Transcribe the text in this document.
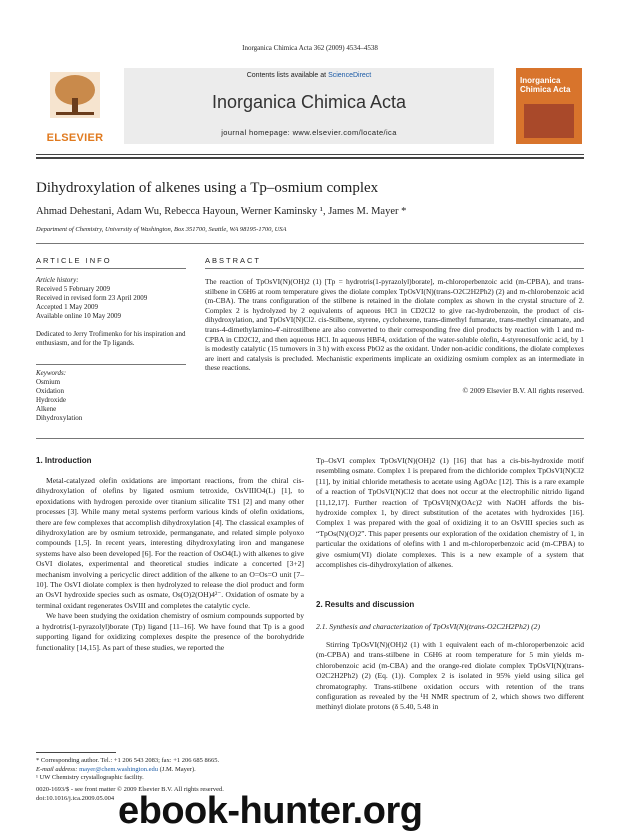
Inorganica Chimica Acta 362 (2009) 4534–4538
ELSEVIER
Contents lists available at ScienceDirect
Inorganica Chimica Acta
journal homepage: www.elsevier.com/locate/ica
Inorganica Chimica Acta
Dihydroxylation of alkenes using a Tp–osmium complex
Ahmad Dehestani, Adam Wu, Rebecca Hayoun, Werner Kaminsky ¹, James M. Mayer *
Department of Chemistry, University of Washington, Box 351700, Seattle, WA 98195-1700, USA
ARTICLE INFO	ABSTRACT
Article history:
Received 5 February 2009
Received in revised form 23 April 2009
Accepted 1 May 2009
Available online 10 May 2009
Dedicated to Jerry Trofimenko for his inspiration and enthusiasm, and for the Tp ligands.
Keywords:
Osmium
Oxidation
Hydroxide
Alkene
Dihydroxylation
The reaction of TpOsVI(N)(OH)2 (1) [Tp = hydrotris(1-pyrazolyl)borate], m-chloroperbenzoic acid (m-CPBA), and trans-stilbene in C6H6 at room temperature gives the diolate complex TpOsVI(N)(trans-O2C2H2Ph2) (2) and m-chlorobenzoic acid (m-CBA). The trans configuration of the stilbene is retained in the diolate complex as shown in the crystal structure of 2. Complex 2 is hydrolyzed by 2 equivalents of aqueous HCl in CD2Cl2 to give rac-hydrobenzoin, the product of cis-dihydroxylation, and TpOsVI(N)Cl2. cis-Stilbene, styrene, cyclohexene, trans-dimethyl fumarate, trans-methyl cinnamate, and trans-4-dimethylamino-4′-nitrostilbene are also converted to their corresponding free diol products by reaction with 1 and m-CPBA in CD2Cl2, and then aqueous HCl. In aqueous HBF4, oxidation of the water-soluble olefin, 4-styrenesulfonic acid, by 1 is modestly catalytic (15 turnovers in 3 h) with excess PbO2 as the oxidant. Under non-acidic conditions, the diolate complexes are inert and catalysis is precluded. Mechanistic experiments implicate an oxidizing osmium complex as an intermediate in these reactions.
© 2009 Elsevier B.V. All rights reserved.
1. Introduction

Metal-catalyzed olefin oxidations are important reactions, from the chiral cis-dihydroxylation of olefins by ligated osmium tetroxide, OsVIIIO4(L) [1], to epoxidations with hydrogen peroxide over titanium silicalite TS1 [2] and many other processes [3]. While many metal systems perform various kinds of olefin oxidations, there are few complexes that accomplish dihydroxylation [4]. The classical examples of dihydroxylation are by osmium tetroxide, permanganate, and related simple polyoxo compounds [1,5]. In recent years, interesting dihydroxylating iron and manganese systems have also been developed [6]. For the reaction of OsO4(L) with alkenes to give OsVI diolates, experimental and theoretical studies indicate a concerted [3+2] mechanism involving a pericyclic direct addition of the alkene to an O=Os=O unit [7–10]. The OsVI diolate complex is then hydrolyzed to release the diol product and form an OsVI hydroxide species such as osmate, Os(O)2(OH)4²⁻. Oxidation of osmate by a terminal oxidant regenerates OsVIII and completes the catalytic cycle.

We have been studying the oxidation chemistry of osmium compounds supported by a hydrotris(1-pyrazolyl)borate (Tp) ligand [11–16]. We have found that Tp is a good supporting ligand for oxidizing complexes despite the presence of the borohydride functionality [14,15]. As part of these studies, we reported the

Tp–OsVI complex TpOsVI(N)(OH)2 (1) [16] that has a cis-bis-hydroxide motif resembling osmate. Complex 1 is prepared from the dichloride complex TpOsVI(N)Cl2 [11], by initial chloride metathesis to acetate using AgOAc [12]. This is a rare example of a reaction of TpOsVI(N)Cl2 that does not occur at the electrophilic nitrido ligand [11,12,17]. Further reaction of TpOsVI(N)(OAc)2 with NaOH affords the bis-hydroxide complex 1, by direct substitution of the acetates with hydroxides [16]. Complex 1 was prepared with the goal of oxidizing it to an OsVIII species such as “TpOs(N)(O)2”. This paper presents our exploration of the oxidation chemistry of 1, in particular the oxidations of olefins with 1 and m-chloroperbenzoic acid (m-CPBA) to give osmium(VI) diolate complexes. This is a new example of a system that accomplishes cis-dihydroxylation of alkenes.

2. Results and discussion
2.1. Synthesis and characterization of TpOsVI(N)(trans-O2C2H2Ph2) (2)

Stirring TpOsVI(N)(OH)2 (1) with 1 equivalent each of m-chloroperbenzoic acid (m-CPBA) and trans-stilbene in C6H6 at room temperature for 5 min yields m-chlorobenzoic acid (m-CBA) and the orange-red diolate complex TpOsVI(N)(trans-O2C2H2Ph2) (2) (Eq. (1)). Complex 2 is isolated in 95% yield using silica gel chromatography. Trans-stilbene oxidation occurs with retention of the trans configuration as revealed by the ¹H NMR spectrum of 2, which shows two different methinyl diolate protons (δ 5.40, 5.48 in

* Corresponding author. Tel.: +1 206 543 2083; fax: +1 206 685 8665.
E-mail address: mayer@chem.washington.edu (J.M. Mayer).
¹ UW Chemistry crystallographic facility.
0020-1693/$ - see front matter © 2009 Elsevier B.V. All rights reserved.
doi:10.1016/j.ica.2009.05.004 ebook-hunter.org
